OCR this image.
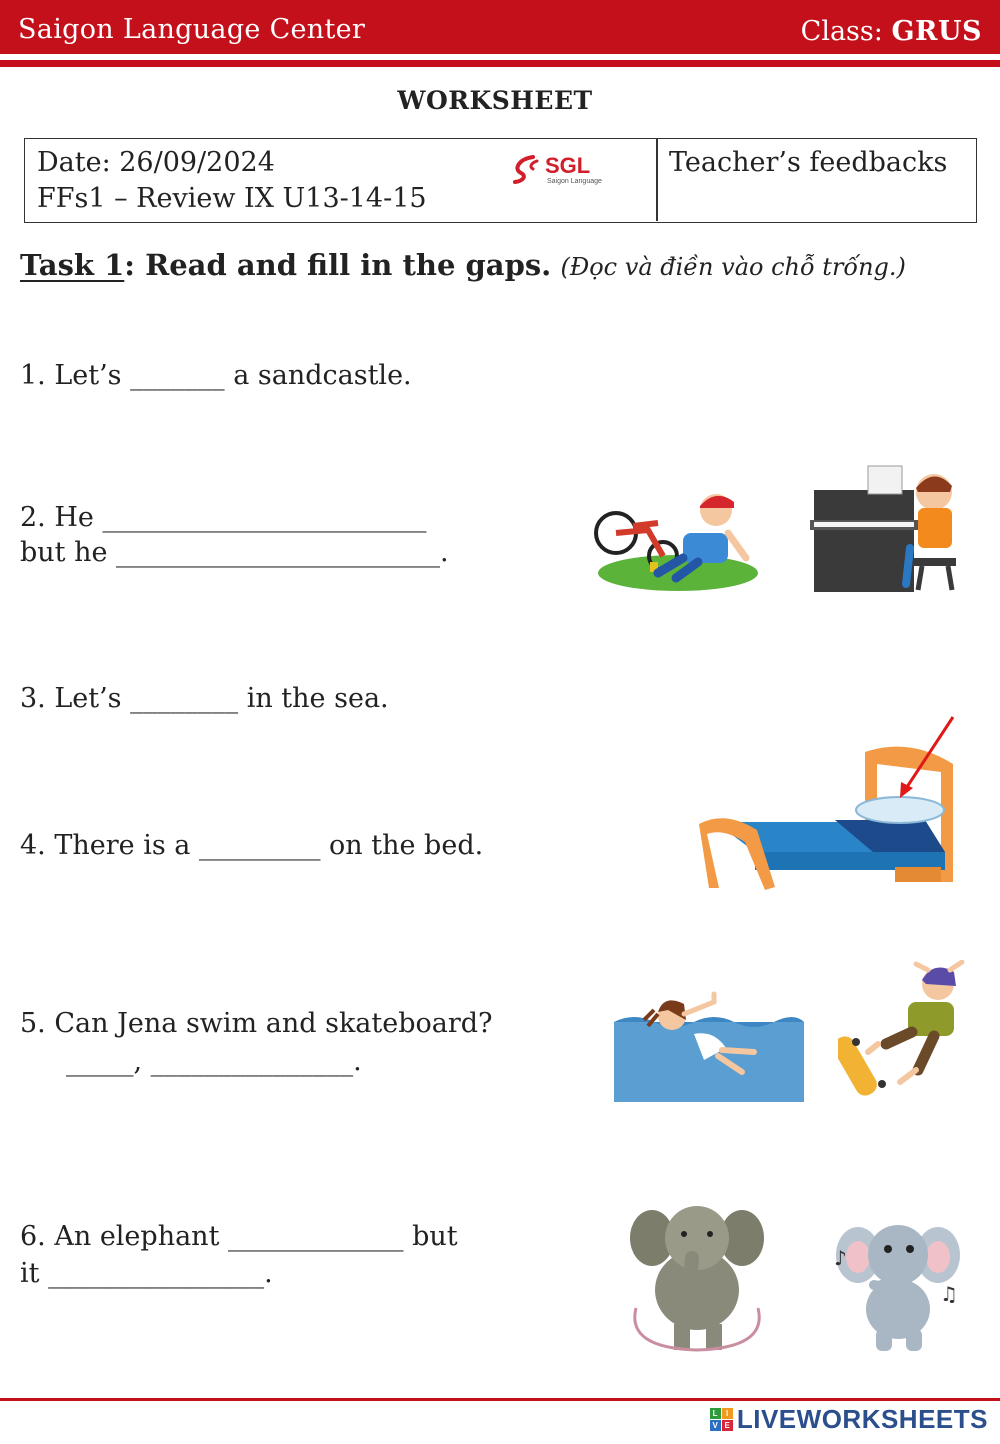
Saigon Language Center	Class: GRUS
WORKSHEET
Date: 26/09/2024
FFs1 – Review IX U13-14-15
SGL
Saigon Language
Teacher’s feedbacks
Task 1: Read and fill in the gaps. (Đọc và điền vào chỗ trống.)
1. Let’s _______ a sandcastle.
2. He ________________________
but he ________________________.
3. Let’s ________ in the sea.
4. There is a _________ on the bed.
5. Can Jena swim and skateboard?
_____, _______________.
6. An elephant _____________ but
it ________________.	♪
♫
L I
V E LIVEWORKSHEETS
